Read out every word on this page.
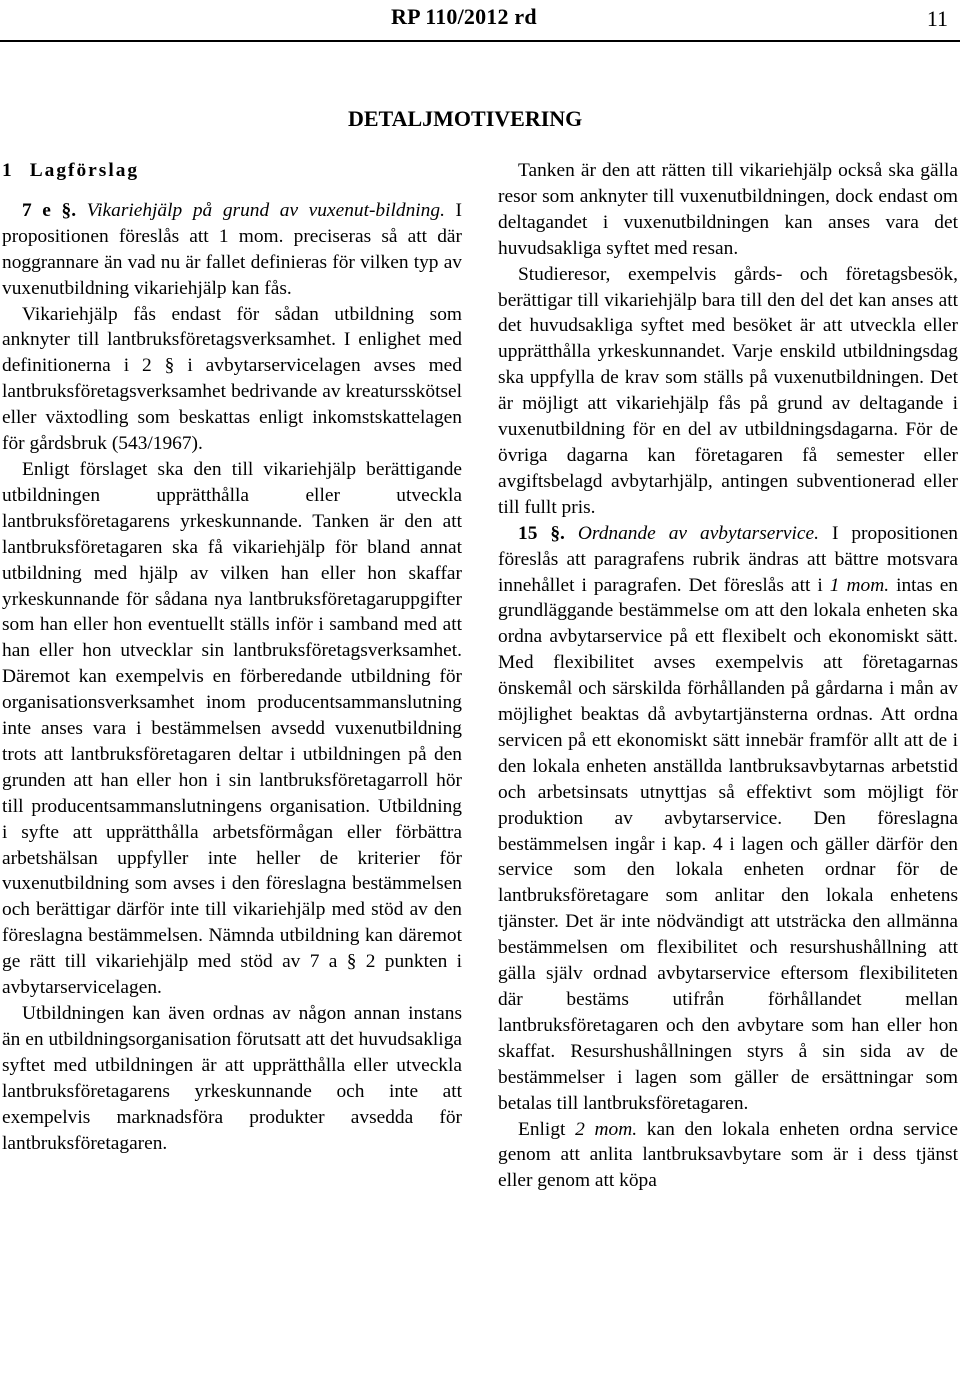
RP 110/2012 rd	11
DETALJMOTIVERING

1 Lagförslag

7 e §. Vikariehjälp på grund av vuxenut-bildning. I propositionen föreslås att 1 mom. preciseras så att där noggrannare än vad nu är fallet definieras för vilken typ av vuxenutbildning vikariehjälp kan fås.

Vikariehjälp fås endast för sådan utbildning som anknyter till lantbruksföretagsverksamhet. I enlighet med definitionerna i 2 § i avbytarservicelagen avses med lantbruksföretagsverksamhet bedrivande av kreatursskötsel eller växtodling som beskattas enligt inkomstskattelagen för gårdsbruk (543/1967).

Enligt förslaget ska den till vikariehjälp berättigande utbildningen upprätthålla eller utveckla lantbruksföretagarens yrkeskunnande. Tanken är den att lantbruksföretagaren ska få vikariehjälp för bland annat utbildning med hjälp av vilken han eller hon skaffar yrkeskunnande för sådana nya lantbruksföretagaruppgifter som han eller hon eventuellt ställs inför i samband med att han eller hon utvecklar sin lantbruksföretagsverksamhet. Däremot kan exempelvis en förberedande utbildning för organisationsverksamhet inom producentsammanslutning inte anses vara i bestämmelsen avsedd vuxenutbildning trots att lantbruksföretagaren deltar i utbildningen på den grunden att han eller hon i sin lantbruksföretagarroll hör till producentsammanslutningens organisation. Utbildning i syfte att upprätthålla arbetsförmågan eller förbättra arbetshälsan uppfyller inte heller de kriterier för vuxenutbildning som avses i den föreslagna bestämmelsen och berättigar därför inte till vikariehjälp med stöd av den föreslagna bestämmelsen. Nämnda utbildning kan däremot ge rätt till vikariehjälp med stöd av 7 a § 2 punkten i avbytarservicelagen.

Utbildningen kan även ordnas av någon annan instans än en utbildningsorganisation förutsatt att det huvudsakliga syftet med utbildningen är att upprätthålla eller utveckla lantbruksföretagarens yrkeskunnande och inte att exempelvis marknadsföra produkter avsedda för lantbruksföretagaren.

Tanken är den att rätten till vikariehjälp också ska gälla resor som anknyter till vuxenutbildningen, dock endast om deltagandet i vuxenutbildningen kan anses vara det huvudsakliga syftet med resan.

Studieresor, exempelvis gårds- och företagsbesök, berättigar till vikariehjälp bara till den del det kan anses att det huvudsakliga syftet med besöket är att utveckla eller upprätthålla yrkeskunnandet. Varje enskild utbildningsdag ska uppfylla de krav som ställs på vuxenutbildningen. Det är möjligt att vikariehjälp fås på grund av deltagande i vuxenutbildning för en del av utbildningsdagarna. För de övriga dagarna kan företagaren få semester eller avgiftsbelagd avbytarhjälp, antingen subventionerad eller till fullt pris.

15 §. Ordnande av avbytarservice. I propositionen föreslås att paragrafens rubrik ändras att bättre motsvara innehållet i paragrafen. Det föreslås att i 1 mom. intas en grundläggande bestämmelse om att den lokala enheten ska ordna avbytarservice på ett flexibelt och ekonomiskt sätt. Med flexibilitet avses exempelvis att företagarnas önskemål och särskilda förhållanden på gårdarna i mån av möjlighet beaktas då avbytartjänsterna ordnas. Att ordna servicen på ett ekonomiskt sätt innebär framför allt att de i den lokala enheten anställda lantbruksavbytarnas arbetstid och arbetsinsats utnyttjas så effektivt som möjligt för produktion av avbytarservice. Den föreslagna bestämmelsen ingår i kap. 4 i lagen och gäller därför den service som den lokala enheten ordnar för de lantbruksföretagare som anlitar den lokala enhetens tjänster. Det är inte nödvändigt att utsträcka den allmänna bestämmelsen om flexibilitet och resurshushållning att gälla själv ordnad avbytarservice eftersom flexibiliteten där bestäms utifrån förhållandet mellan lantbruksföretagaren och den avbytare som han eller hon skaffat. Resurshushållningen styrs å sin sida av de bestämmelser i lagen som gäller de ersättningar som betalas till lantbruksföretagaren.

Enligt 2 mom. kan den lokala enheten ordna service genom att anlita lantbruksavbytare som är i dess tjänst eller genom att köpa
